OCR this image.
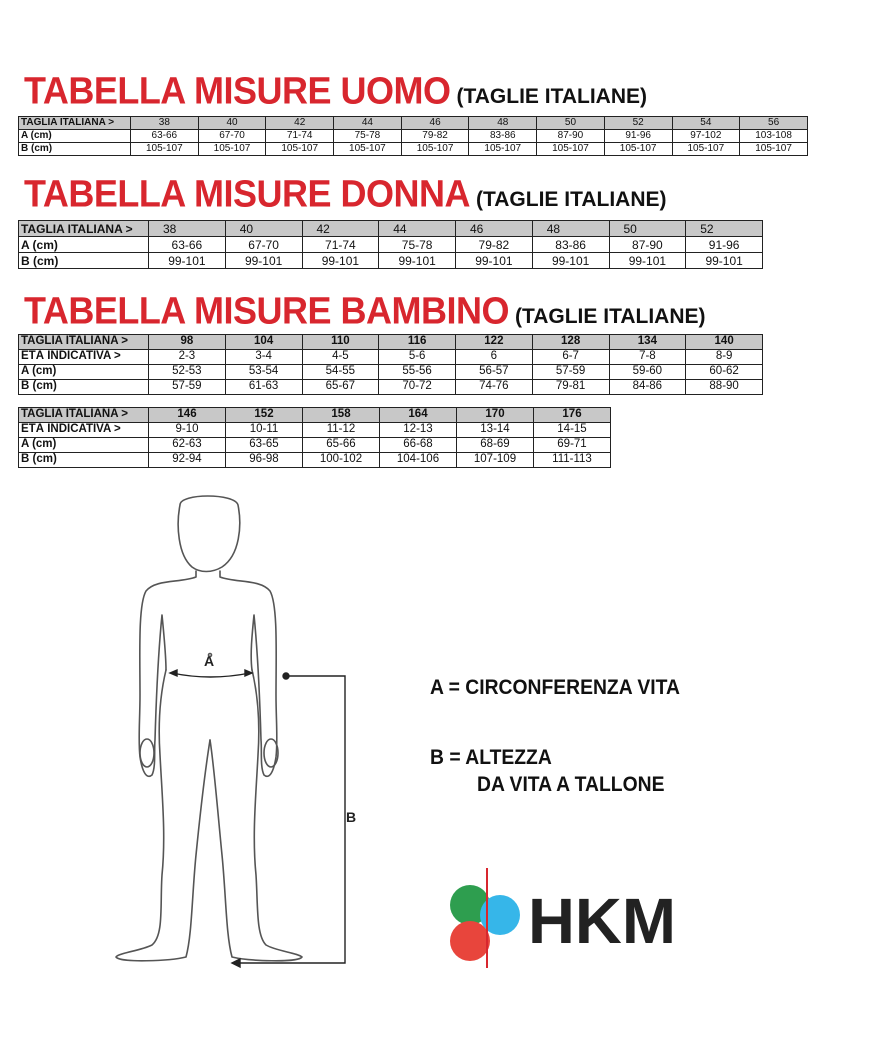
TABELLA MISURE UOMO (TAGLIE ITALIANE)
TAGLIA ITALIANA >	38	40	42	44	46	48	50	52	54	56
A (cm)	63-66	67-70	71-74	75-78	79-82	83-86	87-90	91-96	97-102	103-108
B (cm)	105-107	105-107	105-107	105-107	105-107	105-107	105-107	105-107	105-107	105-107
TABELLA MISURE DONNA (TAGLIE ITALIANE)
TAGLIA ITALIANA >	38	40	42	44	46	48	50	52
A (cm)	63-66	67-70	71-74	75-78	79-82	83-86	87-90	91-96
B (cm)	99-101	99-101	99-101	99-101	99-101	99-101	99-101	99-101
TABELLA MISURE BAMBINO (TAGLIE ITALIANE)
TAGLIA ITALIANA >	98	104	110	116	122	128	134	140
ETÀ INDICATIVA >	2-3	3-4	4-5	5-6	6	6-7	7-8	8-9
A (cm)	52-53	53-54	54-55	55-56	56-57	57-59	59-60	60-62
B (cm)	57-59	61-63	65-67	70-72	74-76	79-81	84-86	88-90
TAGLIA ITALIANA >	146	152	158	164	170	176
ETÀ INDICATIVA >	9-10	10-11	11-12	12-13	13-14	14-15
A (cm)	62-63	63-65	65-66	66-68	68-69	69-71
B (cm)	92-94	96-98	100-102	104-106	107-109	111-113
A
B
A = CIRCONFERENZA VITA
B = ALTEZZA
DA VITA A TALLONE
HKM
